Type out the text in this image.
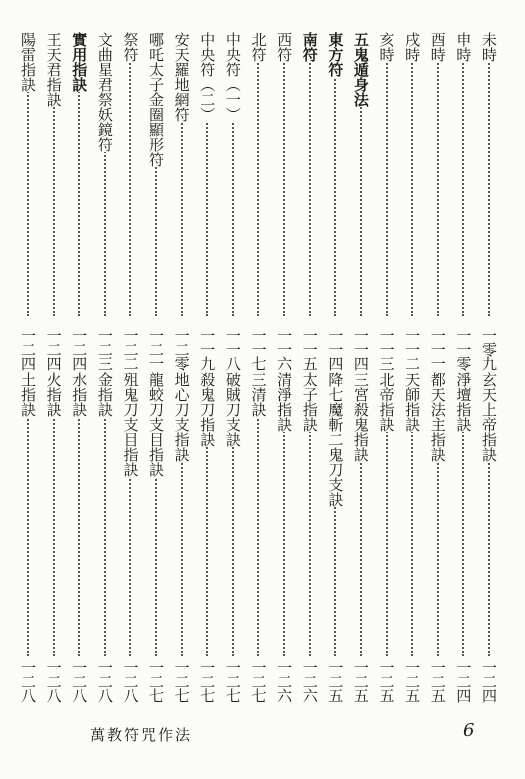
未時
一零九
申時
一一零
酉時
一一一
戌時
一一二
亥時
一一三
五鬼遁身法
一一四
東方符
一一四
南符
一一五
西符
一一六
北符
一一七
中央符（一）
一一八
中央符（二）
一一九
安天羅地網符
一二零
哪吒太子金圈顯形符
一二一
祭符
一二二
文曲星君祭妖鏡符
一二三
實用指訣
一二四
王天君指訣
一二四
陽雷指訣
一二四
玄天上帝指訣
一二四
淨壇指訣
一二四
都天法主指訣
一二五
天師指訣
一二五
北帝指訣
一二五
三宮殺鬼指訣
一二五
降七魔斬二鬼刀支訣
一二五
太子指訣
一二六
清淨指訣
一二六
三清訣
一二七
破賊刀支訣
一二七
殺鬼刀指訣
一二七
地心刀支指訣
一二七
龍蛟刀支目指訣
一二七
殂鬼刀支目指訣
一二八
金指訣
一二八
水指訣
一二八
火指訣
一二八
土指訣
一二八
萬教符咒作法	6
